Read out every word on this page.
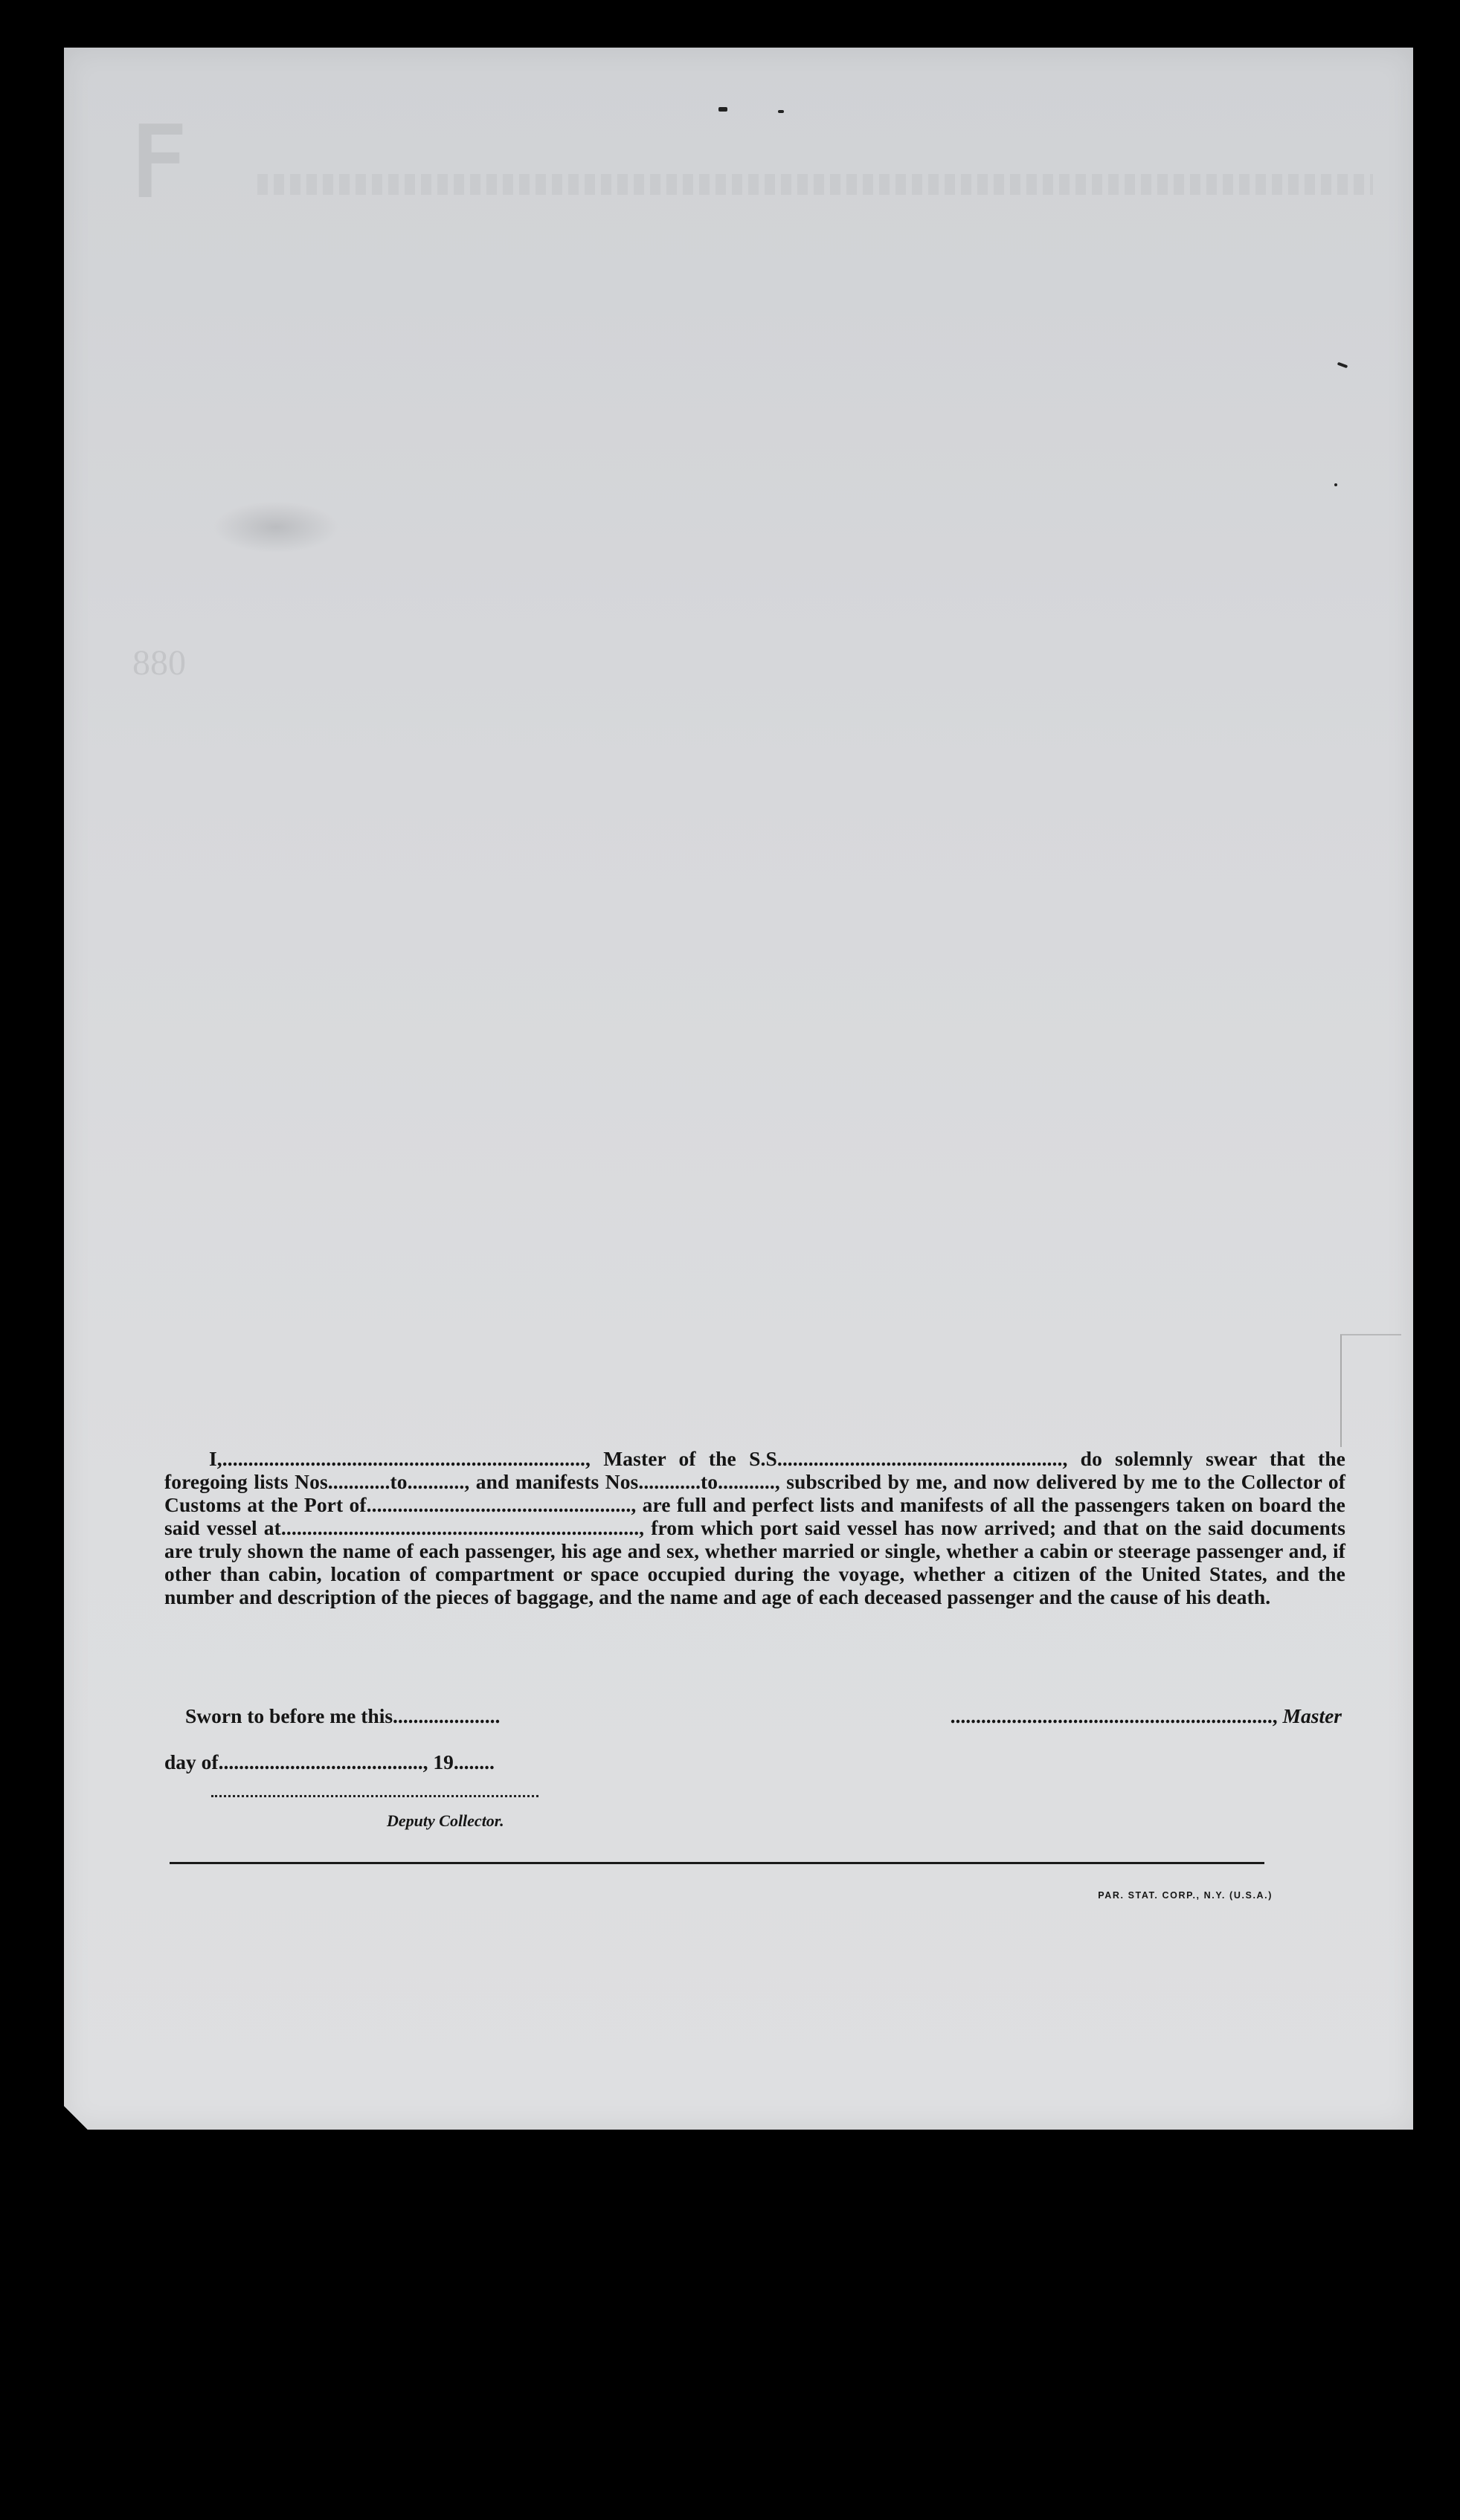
ꟻ
088

I,......................................................................, Master of the S.S......................................................., do solemnly swear that the foregoing lists Nos............to..........., and manifests Nos............to..........., subscribed by me, and now delivered by me to the Collector of Customs at the Port of..................................................., are full and perfect lists and manifests of all the passengers taken on board the said vessel at....................................................................., from which port said vessel has now arrived; and that on the said documents are truly shown the name of each passenger, his age and sex, whether married or single, whether a cabin or steerage passenger and, if other than cabin, location of compartment or space occupied during the voyage, whether a citizen of the United States, and the number and description of the pieces of baggage, and the name and age of each deceased passenger and the cause of his death.

Sworn to before me this.....................	..............................................................., Master
day of........................................, 19........
Deputy Collector.
PAR. STAT. CORP., N.Y. (U.S.A.)
